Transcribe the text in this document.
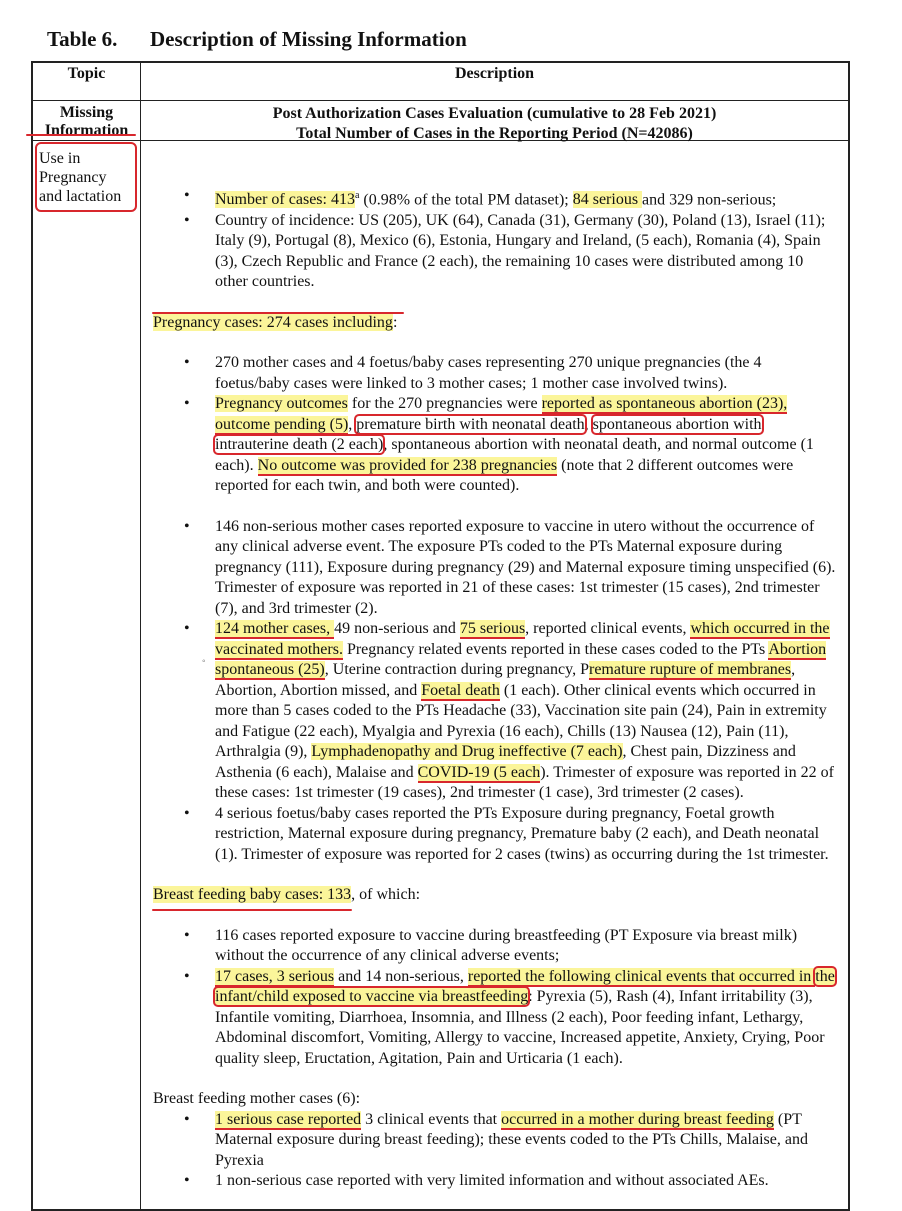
Table 6. Description of Missing Information
Topic	Description
Missing
Information
Post Authorization Cases Evaluation (cumulative to 28 Feb 2021)
Total Number of Cases in the Reporting Period (N=42086)
Use in
Pregnancy
and lactation
•	Number of cases: 413$^a$ (0.98% of the total PM dataset); 84 serious and 329 non-serious;
• Country of incidence: US (205), UK (64), Canada (31), Germany (30), Poland (13), Israel (11); Italy (9), Portugal (8), Mexico (6), Estonia, Hungary and Ireland, (5 each), Romania (4), Spain (3), Czech Republic and France (2 each), the remaining 10 cases were distributed among 10 other countries.
Pregnancy cases: 274 cases including:
• 270 mother cases and 4 foetus/baby cases representing 270 unique pregnancies (the 4 foetus/baby cases were linked to 3 mother cases; 1 mother case involved twins).
• Pregnancy outcomes for the 270 pregnancies were reported as spontaneous abortion (23), outcome pending (5), premature birth with neonatal death, spontaneous abortion with intrauterine death (2 each), spontaneous abortion with neonatal death, and normal outcome (1 each). No outcome was provided for 238 pregnancies (note that 2 different outcomes were reported for each twin, and both were counted).
• 146 non-serious mother cases reported exposure to vaccine in utero without the occurrence of any clinical adverse event. The exposure PTs coded to the PTs Maternal exposure during pregnancy (111), Exposure during pregnancy (29) and Maternal exposure timing unspecified (6). Trimester of exposure was reported in 21 of these cases: 1st trimester (15 cases), 2nd trimester (7), and 3rd trimester (2).
• 124 mother cases, 49 non-serious and 75 serious, reported clinical events, which occurred in the vaccinated mothers. Pregnancy related events reported in these cases coded to the PTs Abortion spontaneous (25), Uterine contraction during pregnancy, Premature rupture of membranes, Abortion, Abortion missed, and Foetal death (1 each). Other clinical events which occurred in more than 5 cases coded to the PTs Headache (33), Vaccination site pain (24), Pain in extremity and Fatigue (22 each), Myalgia and Pyrexia (16 each), Chills (13) Nausea (12), Pain (11), Arthralgia (9), Lymphadenopathy and Drug ineffective (7 each), Chest pain, Dizziness and Asthenia (6 each), Malaise and COVID-19 (5 each). Trimester of exposure was reported in 22 of these cases: 1st trimester (19 cases), 2nd trimester (1 case), 3rd trimester (2 cases).
• 4 serious foetus/baby cases reported the PTs Exposure during pregnancy, Foetal growth restriction, Maternal exposure during pregnancy, Premature baby (2 each), and Death neonatal (1). Trimester of exposure was reported for 2 cases (twins) as occurring during the 1st trimester.
Breast feeding baby cases: 133, of which:
• 116 cases reported exposure to vaccine during breastfeeding (PT Exposure via breast milk) without the occurrence of any clinical adverse events;
• 17 cases, 3 serious and 14 non-serious, reported the following clinical events that occurred in the infant/child exposed to vaccine via breastfeeding: Pyrexia (5), Rash (4), Infant irritability (3), Infantile vomiting, Diarrhoea, Insomnia, and Illness (2 each), Poor feeding infant, Lethargy, Abdominal discomfort, Vomiting, Allergy to vaccine, Increased appetite, Anxiety, Crying, Poor quality sleep, Eructation, Agitation, Pain and Urticaria (1 each).
Breast feeding mother cases (6):
• 1 serious case reported 3 clinical events that occurred in a mother during breast feeding (PT Maternal exposure during breast feeding); these events coded to the PTs Chills, Malaise, and Pyrexia
• 1 non-serious case reported with very limited information and without associated AEs.
◦
